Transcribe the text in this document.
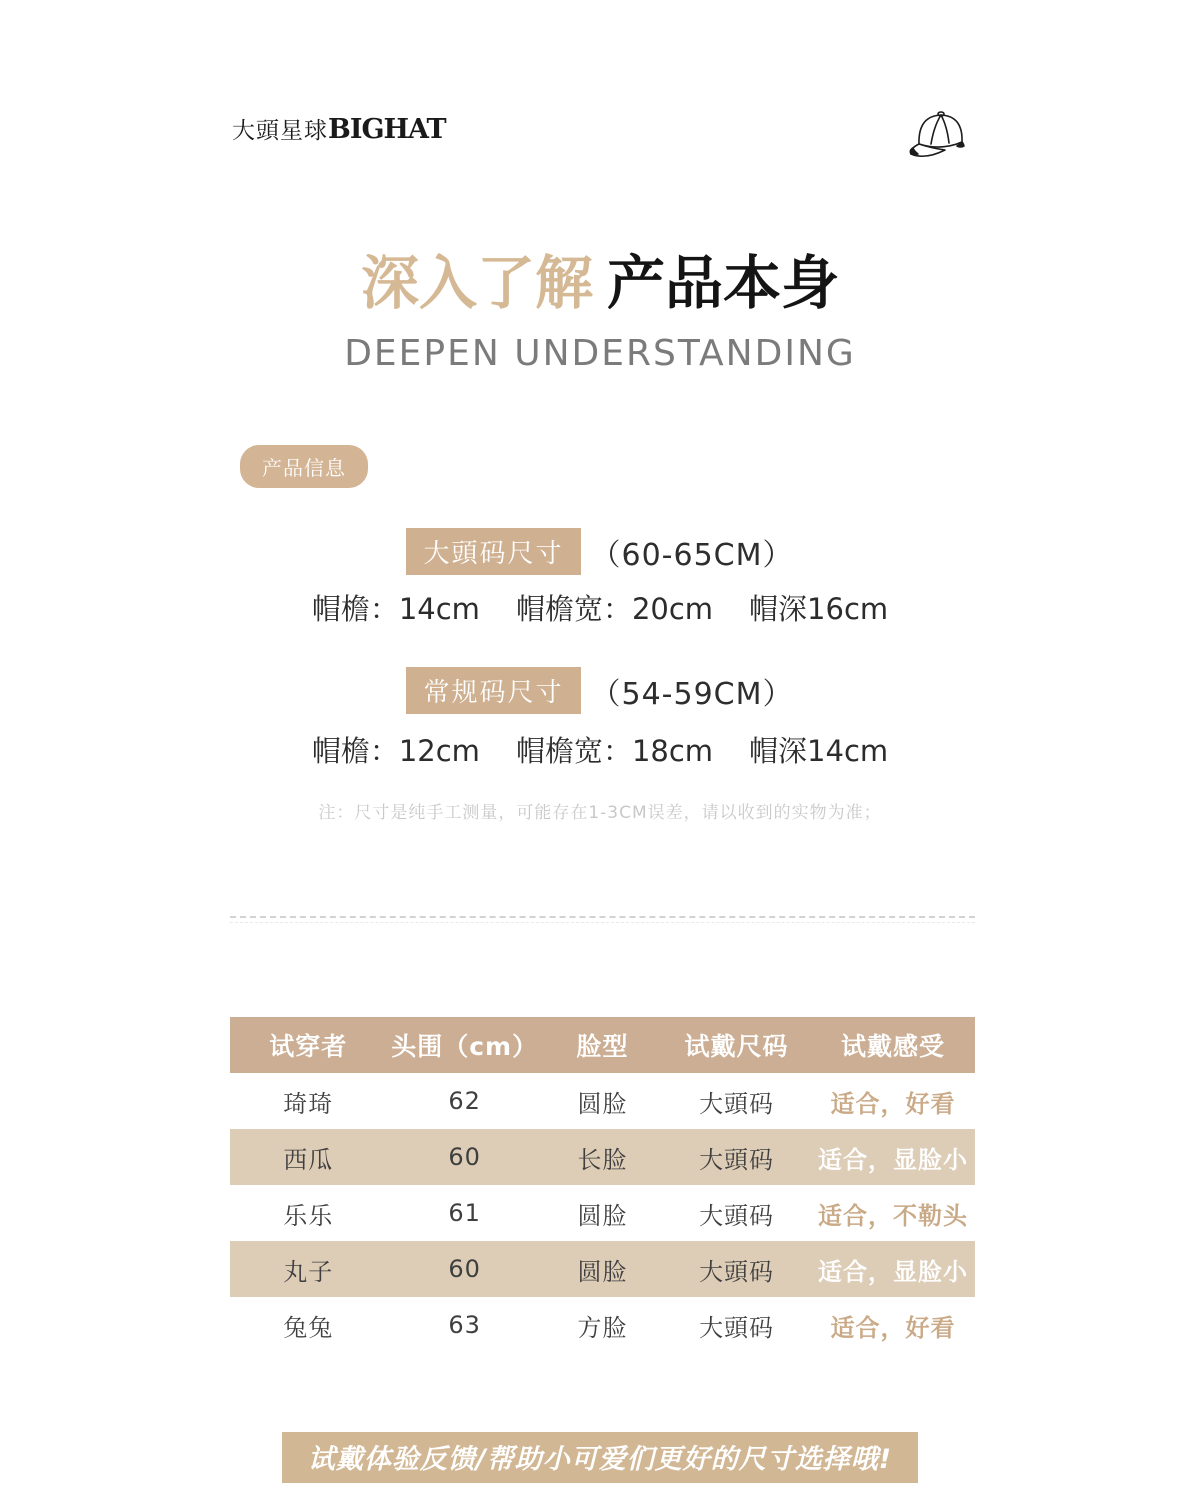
大頭星球BIGHAT
深入了解 产品本身
DEEPEN UNDERSTANDING
产品信息
大頭码尺寸 （60-65CM）
帽檐：14cm 帽檐宽：20cm 帽深16cm
常规码尺寸 （54-59CM）
帽檐：12cm 帽檐宽：18cm 帽深14cm
注：尺寸是纯手工测量，可能存在1-3CM误差，请以收到的实物为准；
试穿者	头围（cm）	脸型	试戴尺码	试戴感受
琦琦	62	圆脸	大頭码	适合，好看
西瓜	60	长脸	大頭码	适合，显脸小
乐乐	61	圆脸	大頭码	适合，不勒头
丸子	60	圆脸	大頭码	适合，显脸小
兔兔	63	方脸	大頭码	适合，好看
试戴体验反馈/帮助小可爱们更好的尺寸选择哦!
